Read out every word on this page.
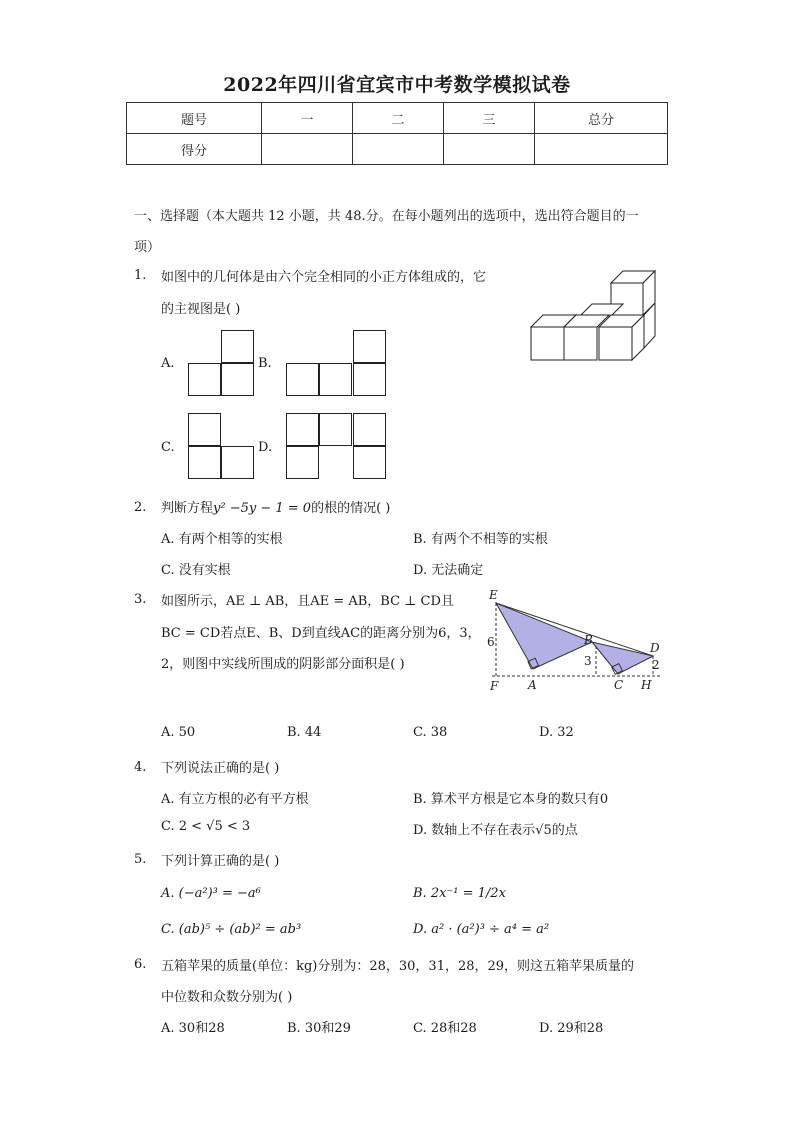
2022年四川省宜宾市中考数学模拟试卷
题号	一	二	三	总分
得分				
一、选择题（本大题共 12 小题，共 48.分。在每小题列出的选项中，选出符合题目的一
项）
1. 如图中的几何体是由六个完全相同的小正方体组成的，它
的主视图是( )
A.	B.
C.	D.
2. 判断方程y² −5y − 1 = 0的根的情况( )
A. 有两个相等的实根	B. 有两个不相等的实根
C. 没有实根	D. 无法确定
3. 如图所示，AE ⊥ AB，且AE = AB，BC ⊥ CD且
BC = CD若点E、B、D到直线AC的距离分别为6，3，
2，则图中实线所围成的阴影部分面积是( )
E
B
D
6
3	2
F A	C H
A. 50	B. 44	C. 38	D. 32
4. 下列说法正确的是( )
A. 有立方根的必有平方根	B. 算术平方根是它本身的数只有0
C. 2 < √5 < 3	D. 数轴上不存在表示√5的点
5. 下列计算正确的是( )
A. (−a²)³ = −a⁶	B. 2x⁻¹ = 1/2x
C. (ab)⁵ ÷ (ab)² = ab³	D. a² · (a²)³ ÷ a⁴ = a²
6. 五箱苹果的质量(单位：kg)分别为：28，30，31，28，29，则这五箱苹果质量的
中位数和众数分别为( )
A. 30和28	B. 30和29	C. 28和28	D. 29和28
